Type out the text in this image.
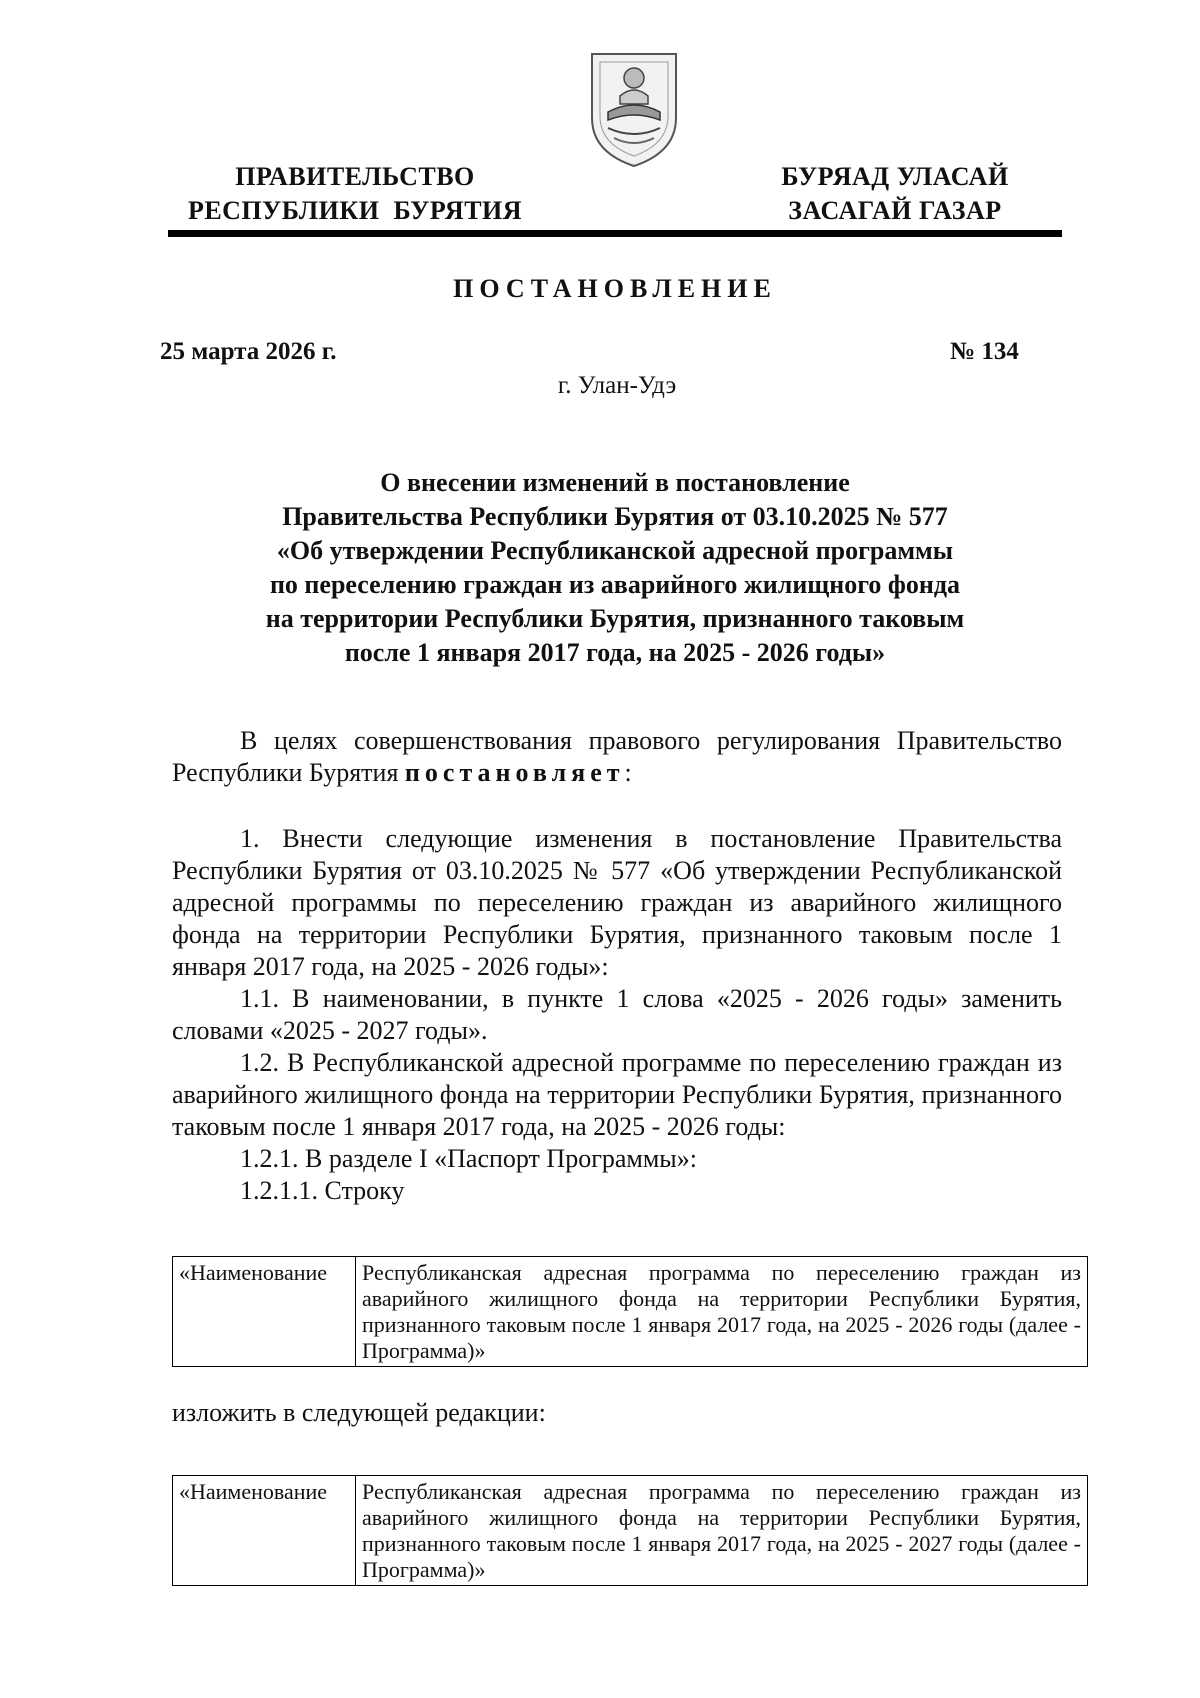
ПРАВИТЕЛЬСТВО
РЕСПУБЛИКИ  БУРЯТИЯ
БУРЯАД УЛАСАЙ
ЗАСАГАЙ ГАЗАР
ПОСТАНОВЛЕНИЕ
25 марта 2026 г.	№ 134
г. Улан-Удэ
О внесении изменений в постановление
Правительства Республики Бурятия от 03.10.2025 № 577
«Об утверждении Республиканской адресной программы
по переселению граждан из аварийного жилищного фонда
на территории Республики Бурятия, признанного таковым
после 1 января 2017 года, на 2025 - 2026 годы»
В целях совершенствования правового регулирования Правительство Республики Бурятия постановляет:
1. Внести следующие изменения в постановление Правительства Республики Бурятия от 03.10.2025 № 577 «Об утверждении Республиканской адресной программы по переселению граждан из аварийного жилищного фонда на территории Республики Бурятия, признанного таковым после 1 января 2017 года, на 2025 - 2026 годы»:
1.1. В наименовании, в пункте 1 слова «2025 - 2026 годы» заменить словами «2025 - 2027 годы».
1.2. В Республиканской адресной программе по переселению граждан из аварийного жилищного фонда на территории Республики Бурятия, признанного таковым после 1 января 2017 года, на 2025 - 2026 годы:
1.2.1. В разделе I «Паспорт Программы»:
1.2.1.1. Строку
«Наименование	Республиканская адресная программа по переселению граждан из аварийного жилищного фонда на территории Республики Бурятия, признанного таковым после 1 января 2017 года, на 2025 - 2026 годы (далее - Программа)»
изложить в следующей редакции:
«Наименование	Республиканская адресная программа по переселению граждан из аварийного жилищного фонда на территории Республики Бурятия, признанного таковым после 1 января 2017 года, на 2025 - 2027 годы (далее - Программа)»
